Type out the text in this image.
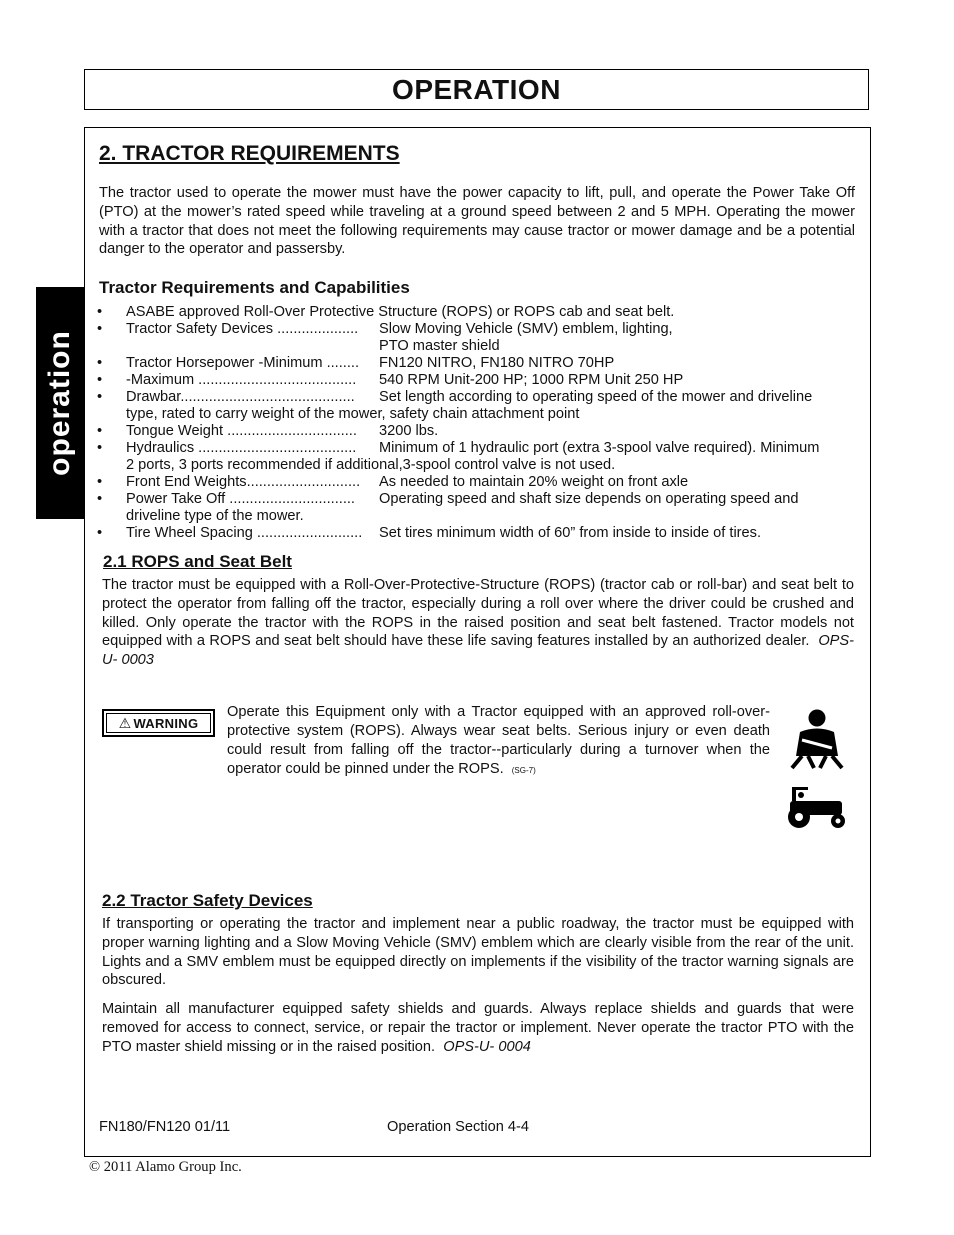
OPERATION
operation
2. TRACTOR REQUIREMENTS
The tractor used to operate the mower must have the power capacity to lift, pull, and operate the Power Take Off (PTO) at the mower’s rated speed while traveling at a ground speed between 2 and 5 MPH. Operating the mower with a tractor that does not meet the following requirements may cause tractor or mower damage and be a potential danger to the operator and passersby.
Tractor Requirements and Capabilities
•	ASABE approved Roll-Over Protective Structure (ROPS) or ROPS cab and seat belt.
•	Tractor Safety Devices ....................	Slow Moving Vehicle (SMV) emblem, lighting,
PTO master shield
•	Tractor Horsepower -Minimum ........	FN120 NITRO, FN180 NITRO 70HP
•	-Maximum .......................................	540 RPM Unit-200 HP; 1000 RPM Unit 250 HP
•	Drawbar...........................................	Set length according to operating speed of the mower and driveline
type, rated to carry weight of the mower, safety chain attachment point
•	Tongue Weight ................................	3200 lbs.
•	Hydraulics .......................................	Minimum of 1 hydraulic port (extra 3-spool valve required). Minimum
2 ports, 3 ports recommended if additional,3-spool control valve is not used.
•	Front End Weights............................	As needed to maintain 20% weight on front axle
•	Power Take Off ...............................	Operating speed and shaft size depends on operating speed and
driveline type of the mower.
•	Tire Wheel Spacing ..........................	Set tires minimum width of 60” from inside to inside of tires.
2.1 ROPS and Seat Belt
The tractor must be equipped with a Roll-Over-Protective-Structure (ROPS) (tractor cab or roll-bar) and seat belt to protect the operator from falling off the tractor, especially during a roll over where the driver could be crushed and killed. Only operate the tractor with the ROPS in the raised position and seat belt fastened. Tractor models not equipped with a ROPS and seat belt should have these life saving features installed by an authorized dealer. OPS-U- 0003
⚠ WARNING
Operate this Equipment only with a Tractor equipped with an approved roll-over-protective system (ROPS). Always wear seat belts. Serious injury or even death could result from falling off the tractor--particularly during a turnover when the operator could be pinned under the ROPS. (SG-7)
2.2 Tractor Safety Devices
If transporting or operating the tractor and implement near a public roadway, the tractor must be equipped with proper warning lighting and a Slow Moving Vehicle (SMV) emblem which are clearly visible from the rear of the unit. Lights and a SMV emblem must be equipped directly on implements if the visibility of the tractor warning signals are obscured.
Maintain all manufacturer equipped safety shields and guards. Always replace shields and guards that were removed for access to connect, service, or repair the tractor or implement. Never operate the tractor PTO with the PTO master shield missing or in the raised position. OPS-U- 0004
FN180/FN120 01/11	Operation Section 4-4
© 2011 Alamo Group Inc.
